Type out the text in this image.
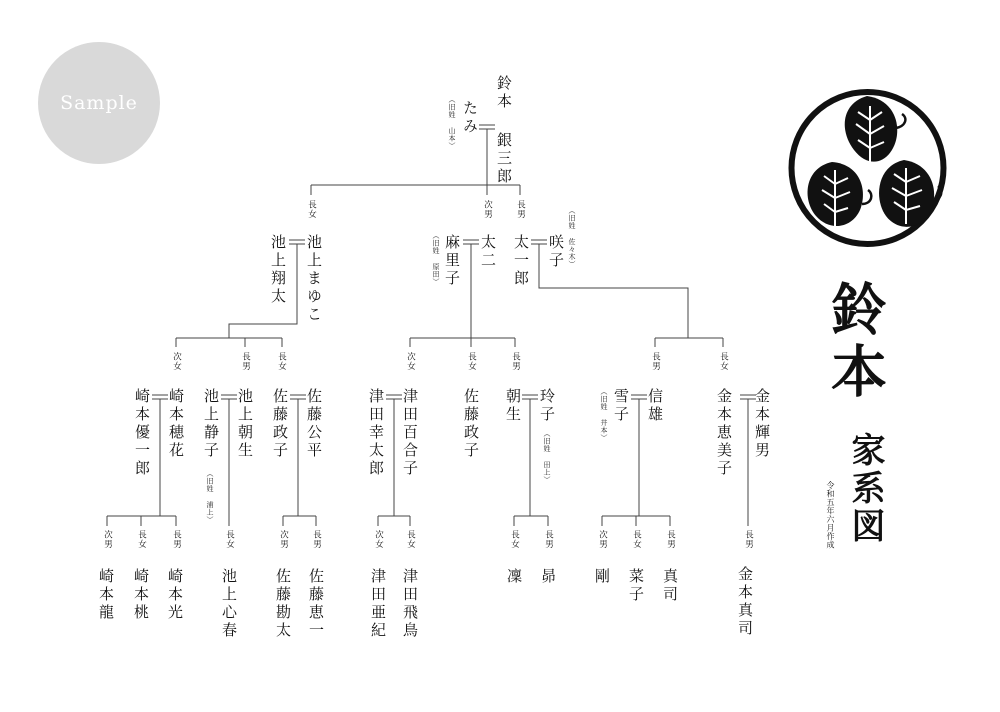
Sample
鈴本
家系図
令和五年六月作成
鈴本 銀三郎
たみ
（旧姓 山本）
長女
池上まゆこ
池上翔太
次男
太二
麻里子
（旧姓 原田）
長男
太一郎 咲子 （旧姓 佐々木）
次女
崎本穂花
崎本優一郎
長男
池上朝生
池上静子
（旧姓 浦上）
長女
佐藤政子 佐藤公平
次女
津田百合子
津田幸太郎
長女
佐藤政子
長男
朝生 玲子
（旧姓 田上）
長男
信雄
雪子
（旧姓 井本）
長女
金本恵美子 金本輝男
次男
崎本龍
長女
崎本桃
長男
崎本光
長女
池上心春
次男
佐藤勘太
長男
佐藤恵一
次女
津田亜紀
長女
津田飛鳥
長女
凜
長男
昴
次男
剛
長女
菜子
長男
真司
長男
金本真司
